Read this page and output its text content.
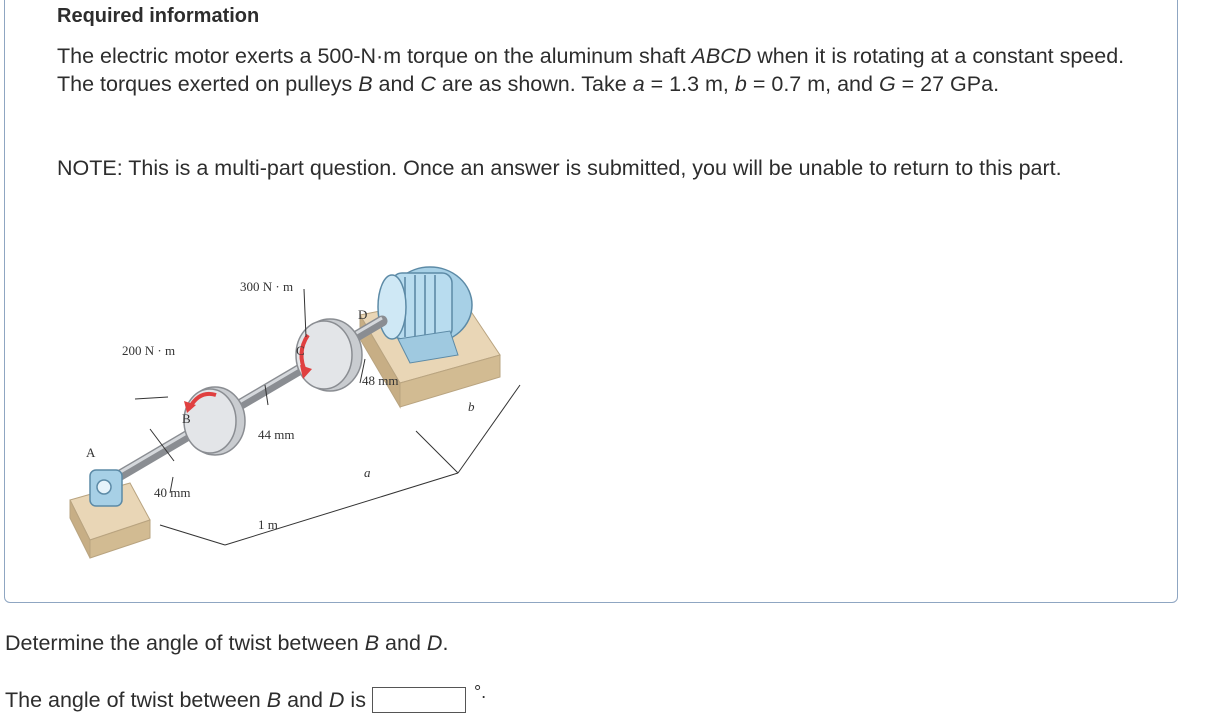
Required information
The electric motor exerts a 500-N·m torque on the aluminum shaft ABCD when it is rotating at a constant speed. The torques exerted on pulleys B and C are as shown. Take a = 1.3 m, b = 0.7 m, and G = 27 GPa.
NOTE: This is a multi-part question. Once an answer is submitted, you will be unable to return to this part.
200 N · m
300 N · m
A
B
C
D
40 mm
44 mm
48 mm
1 m
a
b
Determine the angle of twist between B and D.
The angle of twist between B and D is	°.
